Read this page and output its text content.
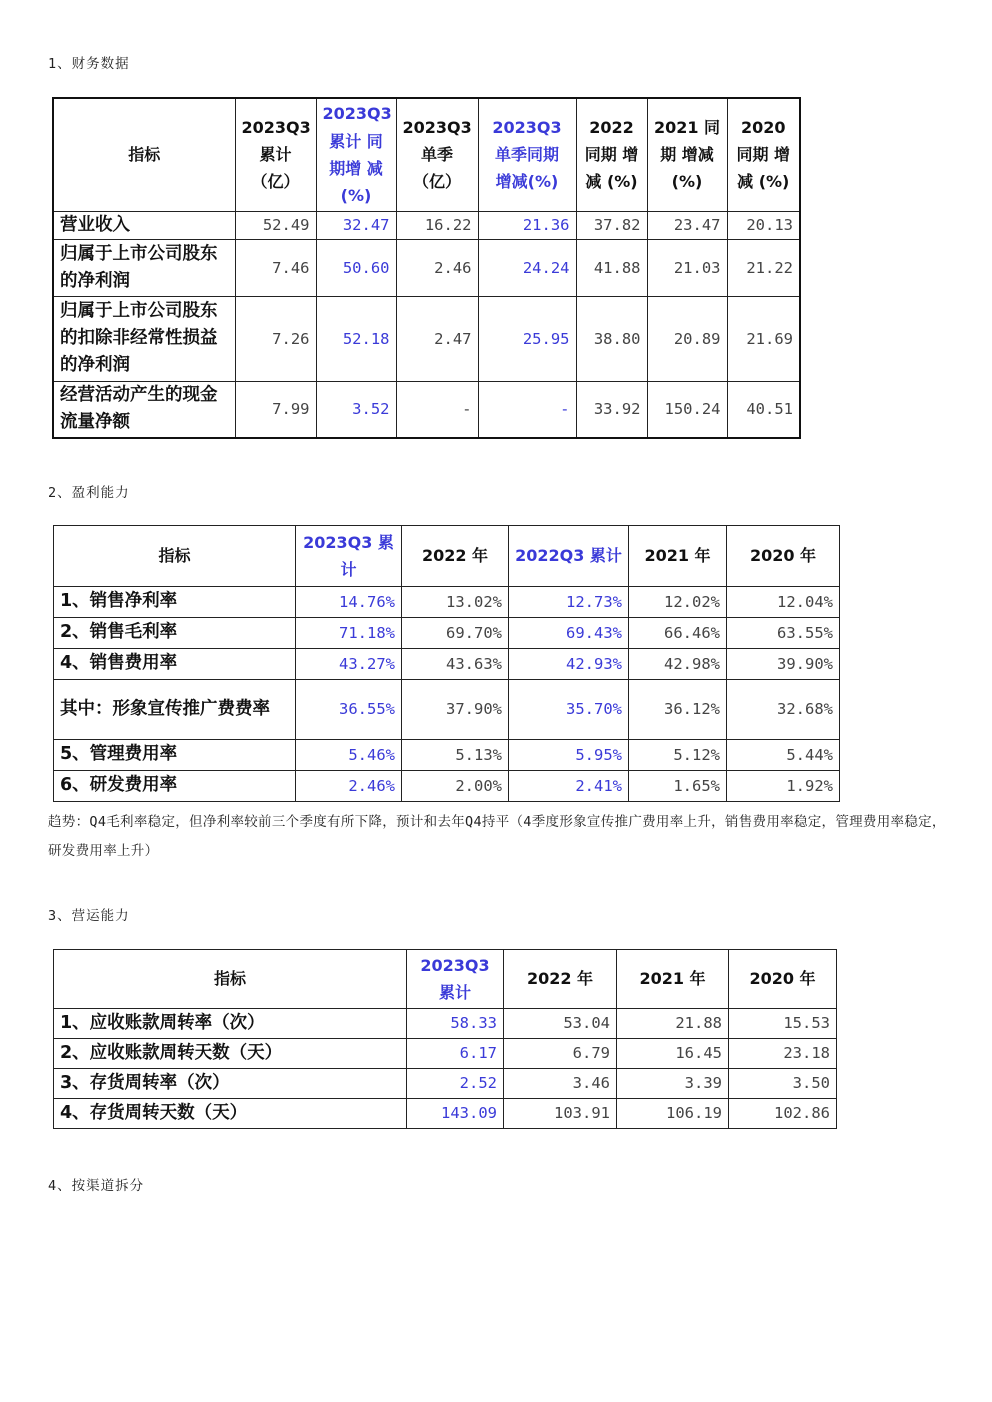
1、财务数据
指标	2023Q3 累计 （亿）	2023Q3 累计 同期增 减(%)	2023Q3 单季 （亿）	2023Q3 单季同期 增减(%)	2022 同期 增减 (%)	2021 同 期 增减 (%)	2020 同期 增减 (%)
营业收入	52.49	32.47	16.22	21.36	37.82	23.47	20.13
归属于上市公司股东的净利润	7.46	50.60	2.46	24.24	41.88	21.03	21.22
归属于上市公司股东的扣除非经常性损益的净利润	7.26	52.18	2.47	25.95	38.80	20.89	21.69
经营活动产生的现金流量净额	7.99	3.52	-	-	33.92	150.24	40.51
2、盈利能力
指标	2023Q3 累 计	2022 年	2022Q3 累计	2021 年	2020 年
1、销售净利率	14.76%	13.02%	12.73%	12.02%	12.04%
2、销售毛利率	71.18%	69.70%	69.43%	66.46%	63.55%
4、销售费用率	43.27%	43.63%	42.93%	42.98%	39.90%
其中：形象宣传推广费费率	36.55%	37.90%	35.70%	36.12%	32.68%
5、管理费用率	5.46%	5.13%	5.95%	5.12%	5.44%
6、研发费用率	2.46%	2.00%	2.41%	1.65%	1.92%
趋势：Q4毛利率稳定，但净利率较前三个季度有所下降，预计和去年Q4持平（4季度形象宣传推广费用率上升，销售费用率稳定，管理费用率稳定，研发费用率上升）
3、营运能力
指标	2023Q3 累计	2022 年	2021 年	2020 年
1、应收账款周转率（次）	58.33	53.04	21.88	15.53
2、应收账款周转天数（天）	6.17	6.79	16.45	23.18
3、存货周转率（次）	2.52	3.46	3.39	3.50
4、存货周转天数（天）	143.09	103.91	106.19	102.86
4、按渠道拆分
